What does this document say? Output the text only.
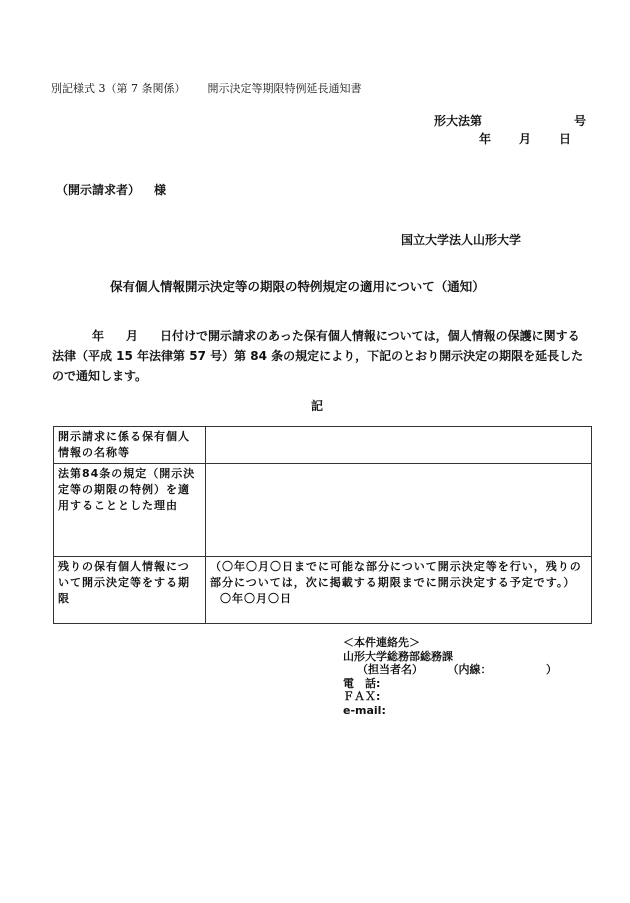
別記様式 3（第 7 条関係） 開示決定等期限特例延長通知書
形大法第	号
年 月 日
（開示請求者） 様
国立大学法人山形大学
保有個人情報開示決定等の期限の特例規定の適用について（通知）
年 月 日付けで開示請求のあった保有個人情報については，個人情報の保護に関する法律（平成 15 年法律第 57 号）第 84 条の規定により，下記のとおり開示決定の期限を延長したので通知します。
記
開示請求に係る保有個人情報の名称等	
法第84条の規定（開示決定等の期限の特例）を適用することとした理由	
残りの保有個人情報について開示決定等をする期限	（〇年〇月〇日までに可能な部分について開示決定等を行い，残りの部分については，次に掲載する期限までに開示決定する予定です。）
〇年〇月〇日
＜本件連絡先＞
山形大学総務部総務課
（担当者名）	（内線：	）
電　話:
ＦＡＸ:
e-mail:
